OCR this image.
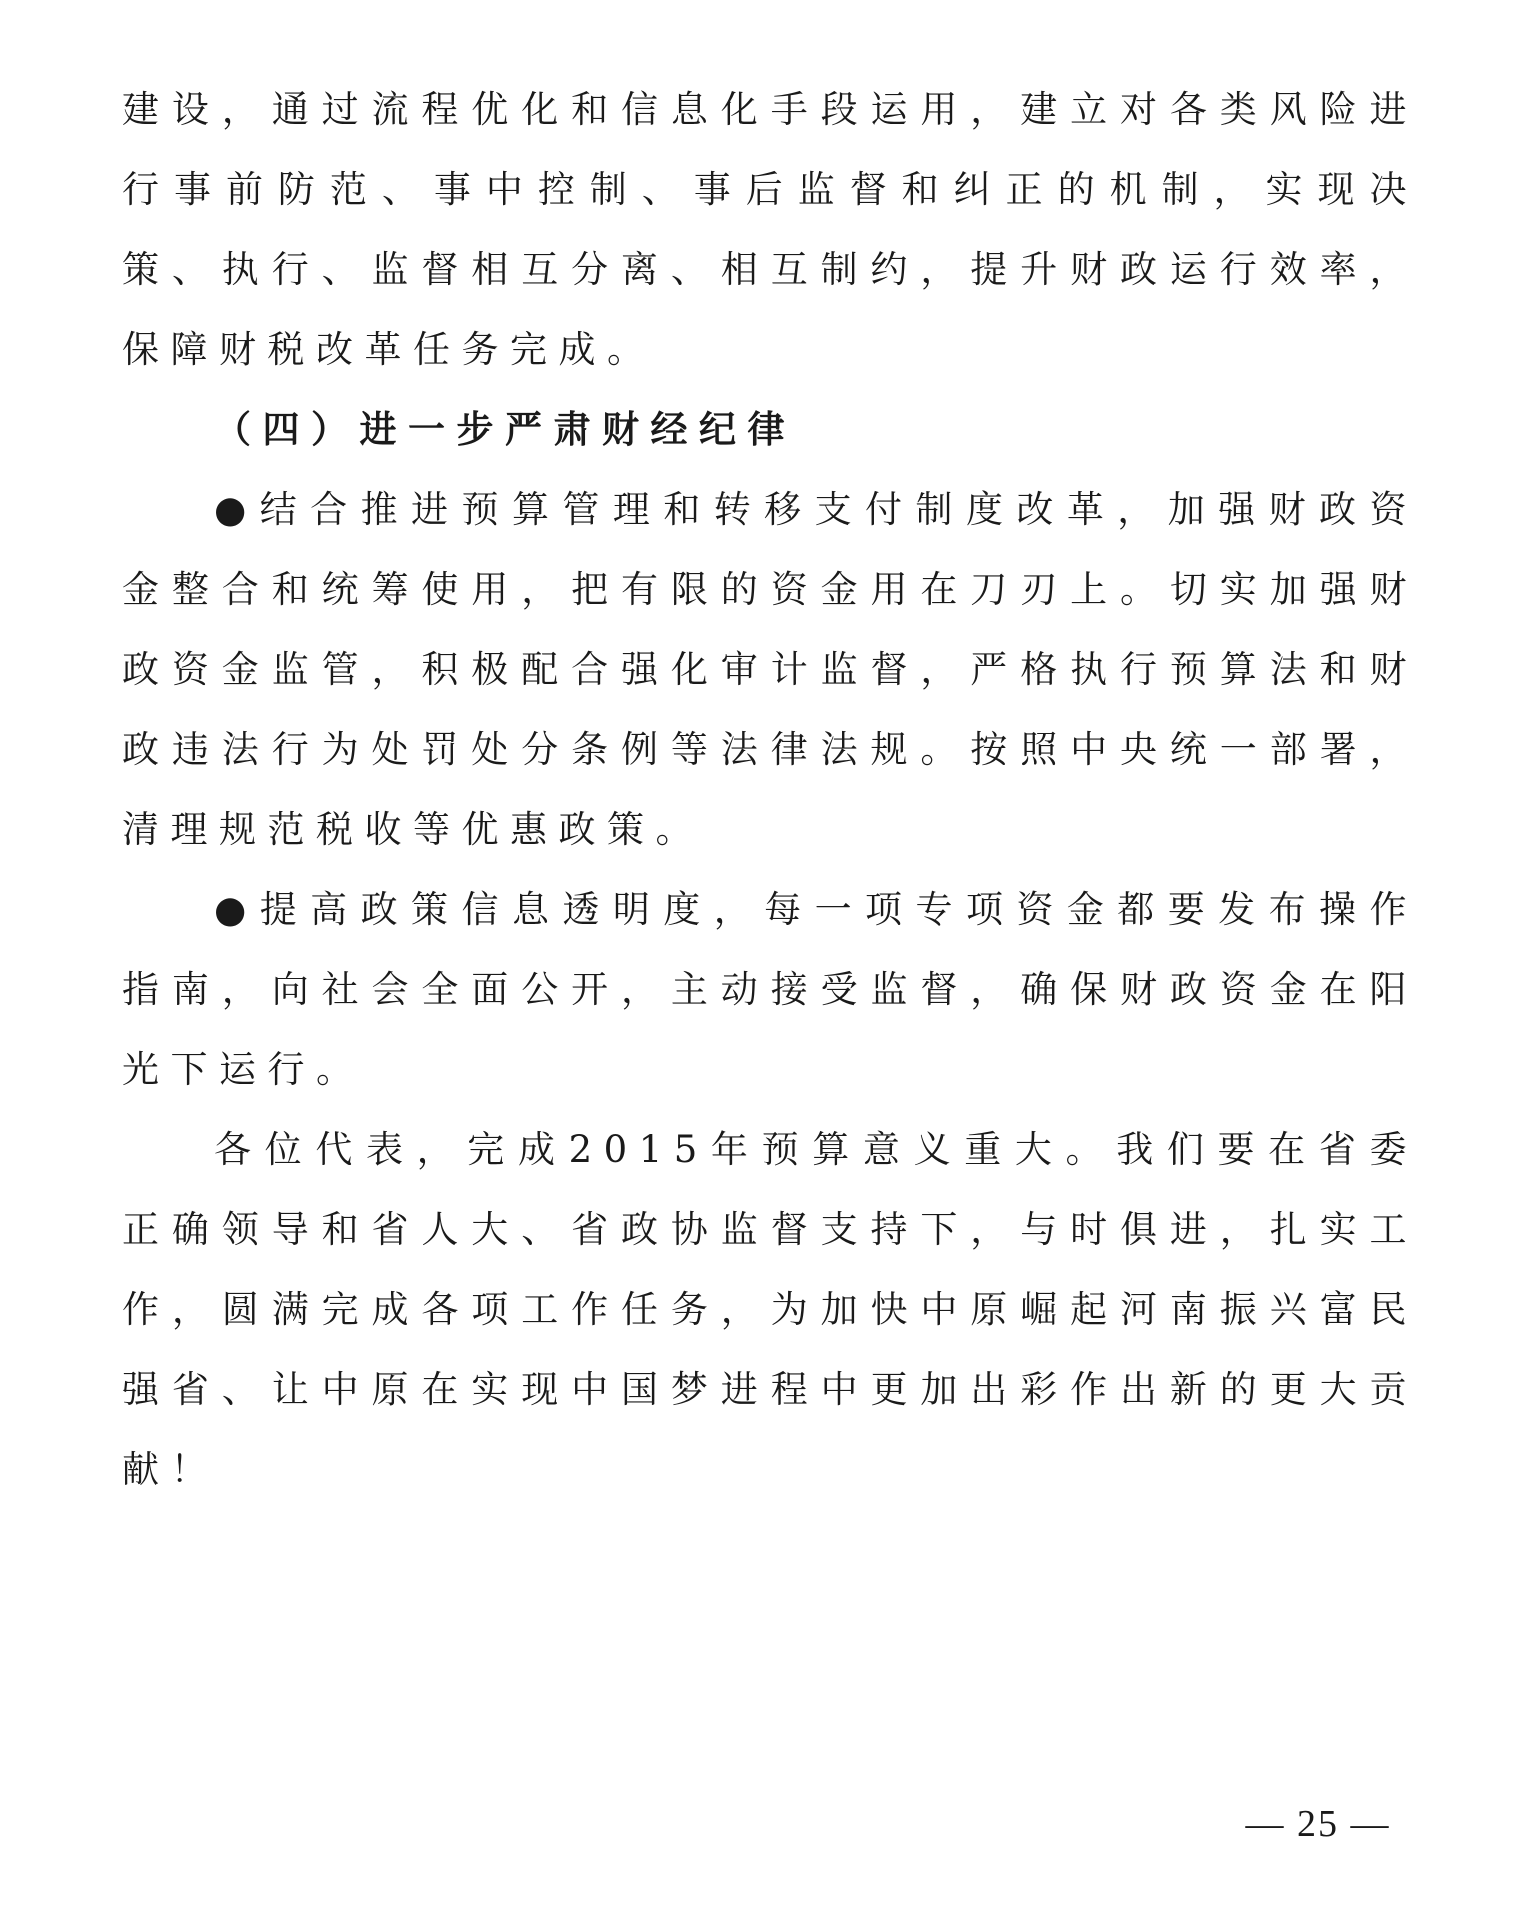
建设，通过流程优化和信息化手段运用，建立对各类风险进行事前防范、事中控制、事后监督和纠正的机制，实现决策、执行、监督相互分离、相互制约，提升财政运行效率，保障财税改革任务完成。

（四）进一步严肃财经纪律

●结合推进预算管理和转移支付制度改革，加强财政资金整合和统筹使用，把有限的资金用在刀刃上。切实加强财政资金监管，积极配合强化审计监督，严格执行预算法和财政违法行为处罚处分条例等法律法规。按照中央统一部署，清理规范税收等优惠政策。

●提高政策信息透明度，每一项专项资金都要发布操作指南，向社会全面公开，主动接受监督，确保财政资金在阳光下运行。

各位代表，完成2015年预算意义重大。我们要在省委正确领导和省人大、省政协监督支持下，与时俱进，扎实工作，圆满完成各项工作任务，为加快中原崛起河南振兴富民强省、让中原在实现中国梦进程中更加出彩作出新的更大贡献！

— 25 —
